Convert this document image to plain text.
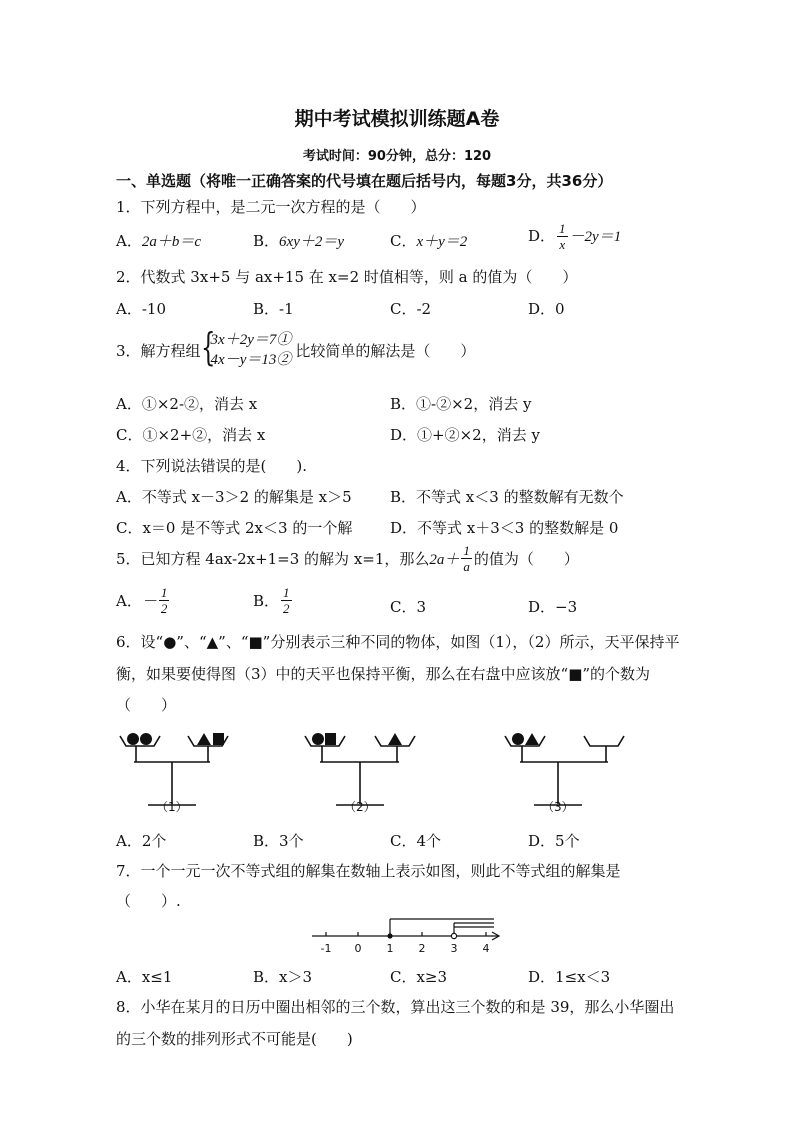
期中考试模拟训练题A卷
考试时间：90分钟，总分：120
一、单选题（将唯一正确答案的代号填在题后括号内，每题3分，共36分）
1．下列方程中，是二元一次方程的是（　　）
A．2a＋b＝c	B．6xy＋2＝y	C．x＋y＝2	D． $\frac{1}{x} -2y=1$
2．代数式 3x+5 与 ax+15 在 x=2 时值相等，则 a 的值为（　　）
A．-10	B．-1	C．-2	D．0
3．解方程组 {
3x＋2y＝7①
4x－y＝13②
比较简单的解法是（　　）
A．①×2-②，消去 x	B．①-②×2，消去 y
C．①×2+②，消去 x	D．①+②×2，消去 y
4．下列说法错误的是(　　).
A．不等式 x－3＞2 的解集是 x＞5	B．不等式 x＜3 的整数解有无数个
C．x＝0 是不等式 2x＜3 的一个解	D．不等式 x＋3＜3 的整数解是 0
5．已知方程 4ax-2x+1=3 的解为 x=1，那么 $2a+ \frac{1}{a}$ 的值为（　　）
A． － $\frac{1}{2}$	B． $\frac{1}{2}$	C．3	D．−3
6．设“●”、“▲”、“■”分别表示三种不同的物体，如图（1），（2）所示，天平保持平
衡，如果要使得图（3）中的天平也保持平衡，那么在右盘中应该放“■”的个数为
（　　）
（1）	（2）	（3）
A．2个	B．3个	C．4个	D．5个
7．一个一元一次不等式组的解集在数轴上表示如图，则此不等式组的解集是
（　　）.
-1 0 1 2 3 4
A．x≤1	B．x＞3	C．x≥3	D．1≤x＜3
8．小华在某月的日历中圈出相邻的三个数，算出这三个数的和是 39，那么小华圈出
的三个数的排列形式不可能是(　　)
